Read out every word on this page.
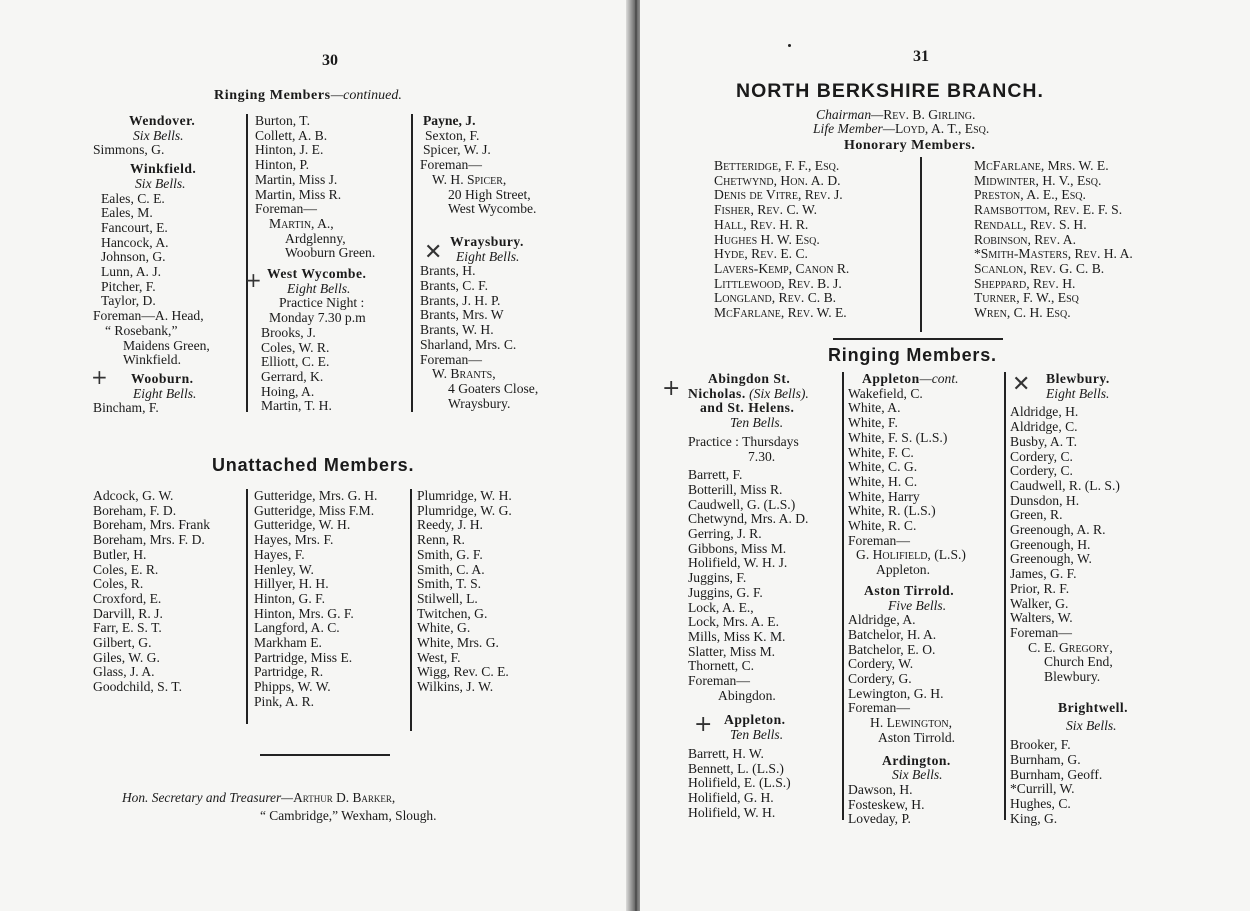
30
Ringing Members—continued.
Wendover.
Six Bells.
Simmons, G.
Winkfield.
Six Bells.
Eales, C. E.
Eales, M.
Fancourt, E.
Hancock, A.
Johnson, G.
Lunn, A. J.
Pitcher, F.
Taylor, D.
Foreman—A. Head,
“ Rosebank,”
Maidens Green,
Winkfield.
Wooburn.
Eight Bells.
Bincham, F.
+
Burton, T.
Collett, A. B.
Hinton, J. E.
Hinton, P.
Martin, Miss J.
Martin, Miss R.
Foreman—
Martin, A.,
Ardglenny,
Wooburn Green.
West Wycombe.
Eight Bells.
Practice Night :
Monday 7.30 p.m
Brooks, J.
Coles, W. R.
Elliott, C. E.
Gerrard, K.
Hoing, A.
Martin, T. H.
+
Payne, J.
Sexton, F.
Spicer, W. J.
Foreman—
W. H. Spicer,
20 High Street,
West Wycombe.
Wraysbury.
Eight Bells.
Brants, H.
Brants, C. F.
Brants, J. H. P.
Brants, Mrs. W
Brants, W. H.
Sharland, Mrs. C.
Foreman—
W. Brants,
4 Goaters Close,
Wraysbury.
✕
Unattached Members.
Adcock, G. W.
Boreham, F. D.
Boreham, Mrs. Frank
Boreham, Mrs. F. D.
Butler, H.
Coles, E. R.
Coles, R.
Croxford, E.
Darvill, R. J.
Farr, E. S. T.
Gilbert, G.
Giles, W. G.
Glass, J. A.
Goodchild, S. T.
Gutteridge, Mrs. G. H.
Gutteridge, Miss F.M.
Gutteridge, W. H.
Hayes, Mrs. F.
Hayes, F.
Henley, W.
Hillyer, H. H.
Hinton, G. F.
Hinton, Mrs. G. F.
Langford, A. C.
Markham E.
Partridge, Miss E.
Partridge, R.
Phipps, W. W.
Pink, A. R.
Plumridge, W. H.
Plumridge, W. G.
Reedy, J. H.
Renn, R.
Smith, G. F.
Smith, C. A.
Smith, T. S.
Stilwell, L.
Twitchen, G.
White, G.
White, Mrs. G.
West, F.
Wigg, Rev. C. E.
Wilkins, J. W.
Hon. Secretary and Treasurer—Arthur D. Barker,
“ Cambridge,” Wexham, Slough.
31
NORTH BERKSHIRE BRANCH.
Chairman—Rev. B. Girling.
Life Member—Loyd, A. T., Esq.
Honorary Members.
Betteridge, F. F., Esq.
Chetwynd, Hon. A. D.
Denis de Vitre, Rev. J.
Fisher, Rev. C. W.
Hall, Rev. H. R.
Hughes H. W. Esq.
Hyde, Rev. E. C.
Lavers-Kemp, Canon R.
Littlewood, Rev. B. J.
Longland, Rev. C. B.
McFarlane, Rev. W. E.
McFarlane, Mrs. W. E.
Midwinter, H. V., Esq.
Preston, A. E., Esq.
Ramsbottom, Rev. E. F. S.
Rendall, Rev. S. H.
Robinson, Rev. A.
*Smith-Masters, Rev. H. A.
Scanlon, Rev. G. C. B.
Sheppard, Rev. H.
Turner, F. W., Esq
Wren, C. H. Esq.
Ringing Members.
Abingdon St.
Nicholas. (Six Bells).
and St. Helens.
Ten Bells.
Practice : Thursdays
7.30.
Barrett, F.
Botterill, Miss R.
Caudwell, G. (L.S.)
Chetwynd, Mrs. A. D.
Gerring, J. R.
Gibbons, Miss M.
Holifield, W. H. J.
Juggins, F.
Juggins, G. F.
Lock, A. E.,
Lock, Mrs. A. E.
Mills, Miss K. M.
Slatter, Miss M.
Thornett, C.
Foreman—
Abingdon.
Appleton.
Ten Bells.
Barrett, H. W.
Bennett, L. (L.S.)
Holifield, E. (L.S.)
Holifield, G. H.
Holifield, W. H.
+
+
Appleton—cont.
Wakefield, C.
White, A.
White, F.
White, F. S. (L.S.)
White, F. C.
White, C. G.
White, H. C.
White, Harry
White, R. (L.S.)
White, R. C.
Foreman—
G. Holifield, (L.S.)
Appleton.
Aston Tirrold.
Five Bells.
Aldridge, A.
Batchelor, H. A.
Batchelor, E. O.
Cordery, W.
Cordery, G.
Lewington, G. H.
Foreman—
H. Lewington,
Aston Tirrold.
Ardington.
Six Bells.
Dawson, H.
Fosteskew, H.
Loveday, P.
Blewbury.
Eight Bells.
Aldridge, H.
Aldridge, C.
Busby, A. T.
Cordery, C.
Cordery, C.
Caudwell, R. (L. S.)
Dunsdon, H.
Green, R.
Greenough, A. R.
Greenough, H.
Greenough, W.
James, G. F.
Prior, R. F.
Walker, G.
Walters, W.
Foreman—
C. E. Gregory,
Church End,
Blewbury.
Brightwell.
Six Bells.
Brooker, F.
Burnham, G.
Burnham, Geoff.
*Currill, W.
Hughes, C.
King, G.
✕
